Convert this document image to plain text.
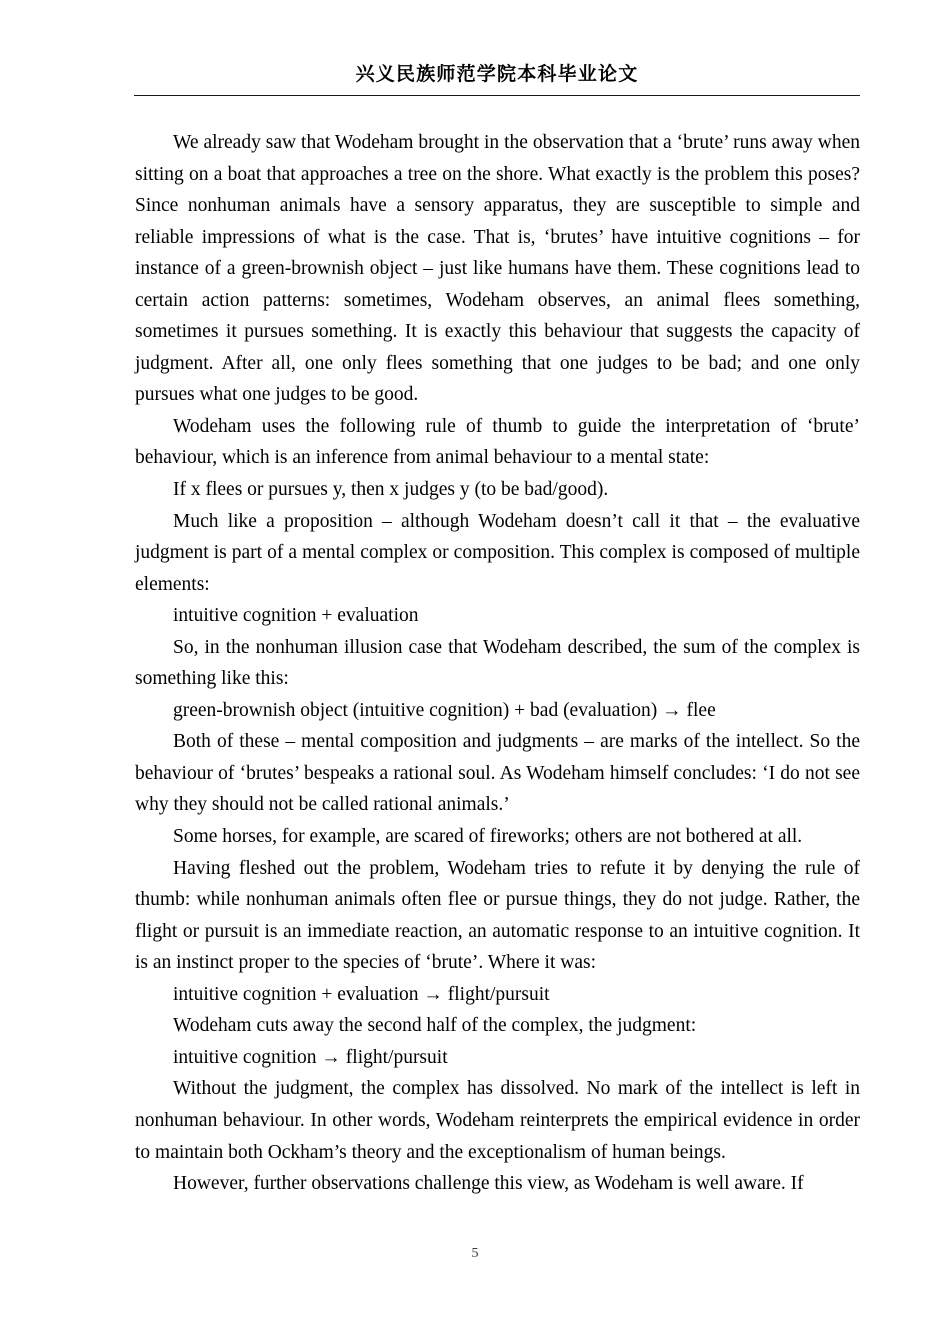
兴义民族师范学院本科毕业论文

We already saw that Wodeham brought in the observation that a ‘brute’ runs away when sitting on a boat that approaches a tree on the shore. What exactly is the problem this poses? Since nonhuman animals have a sensory apparatus, they are susceptible to simple and reliable impressions of what is the case. That is, ‘brutes’ have intuitive cognitions – for instance of a green-brownish object – just like humans have them. These cognitions lead to certain action patterns: sometimes, Wodeham observes, an animal flees something, sometimes it pursues something. It is exactly this behaviour that suggests the capacity of judgment. After all, one only flees something that one judges to be bad; and one only pursues what one judges to be good.

Wodeham uses the following rule of thumb to guide the interpretation of ‘brute’ behaviour, which is an inference from animal behaviour to a mental state:

If x flees or pursues y, then x judges y (to be bad/good).

Much like a proposition – although Wodeham doesn’t call it that – the evaluative judgment is part of a mental complex or composition. This complex is composed of multiple elements:

intuitive cognition + evaluation

So, in the nonhuman illusion case that Wodeham described, the sum of the complex is something like this:

green-brownish object (intuitive cognition) + bad (evaluation) → flee

Both of these – mental composition and judgments – are marks of the intellect. So the behaviour of ‘brutes’ bespeaks a rational soul. As Wodeham himself concludes: ‘I do not see why they should not be called rational animals.’

Some horses, for example, are scared of fireworks; others are not bothered at all.

Having fleshed out the problem, Wodeham tries to refute it by denying the rule of thumb: while nonhuman animals often flee or pursue things, they do not judge. Rather, the flight or pursuit is an immediate reaction, an automatic response to an intuitive cognition. It is an instinct proper to the species of ‘brute’. Where it was:

intuitive cognition + evaluation → flight/pursuit

Wodeham cuts away the second half of the complex, the judgment:

intuitive cognition → flight/pursuit

Without the judgment, the complex has dissolved. No mark of the intellect is left in nonhuman behaviour. In other words, Wodeham reinterprets the empirical evidence in order to maintain both Ockham’s theory and the exceptionalism of human beings.

However, further observations challenge this view, as Wodeham is well aware. If

5
